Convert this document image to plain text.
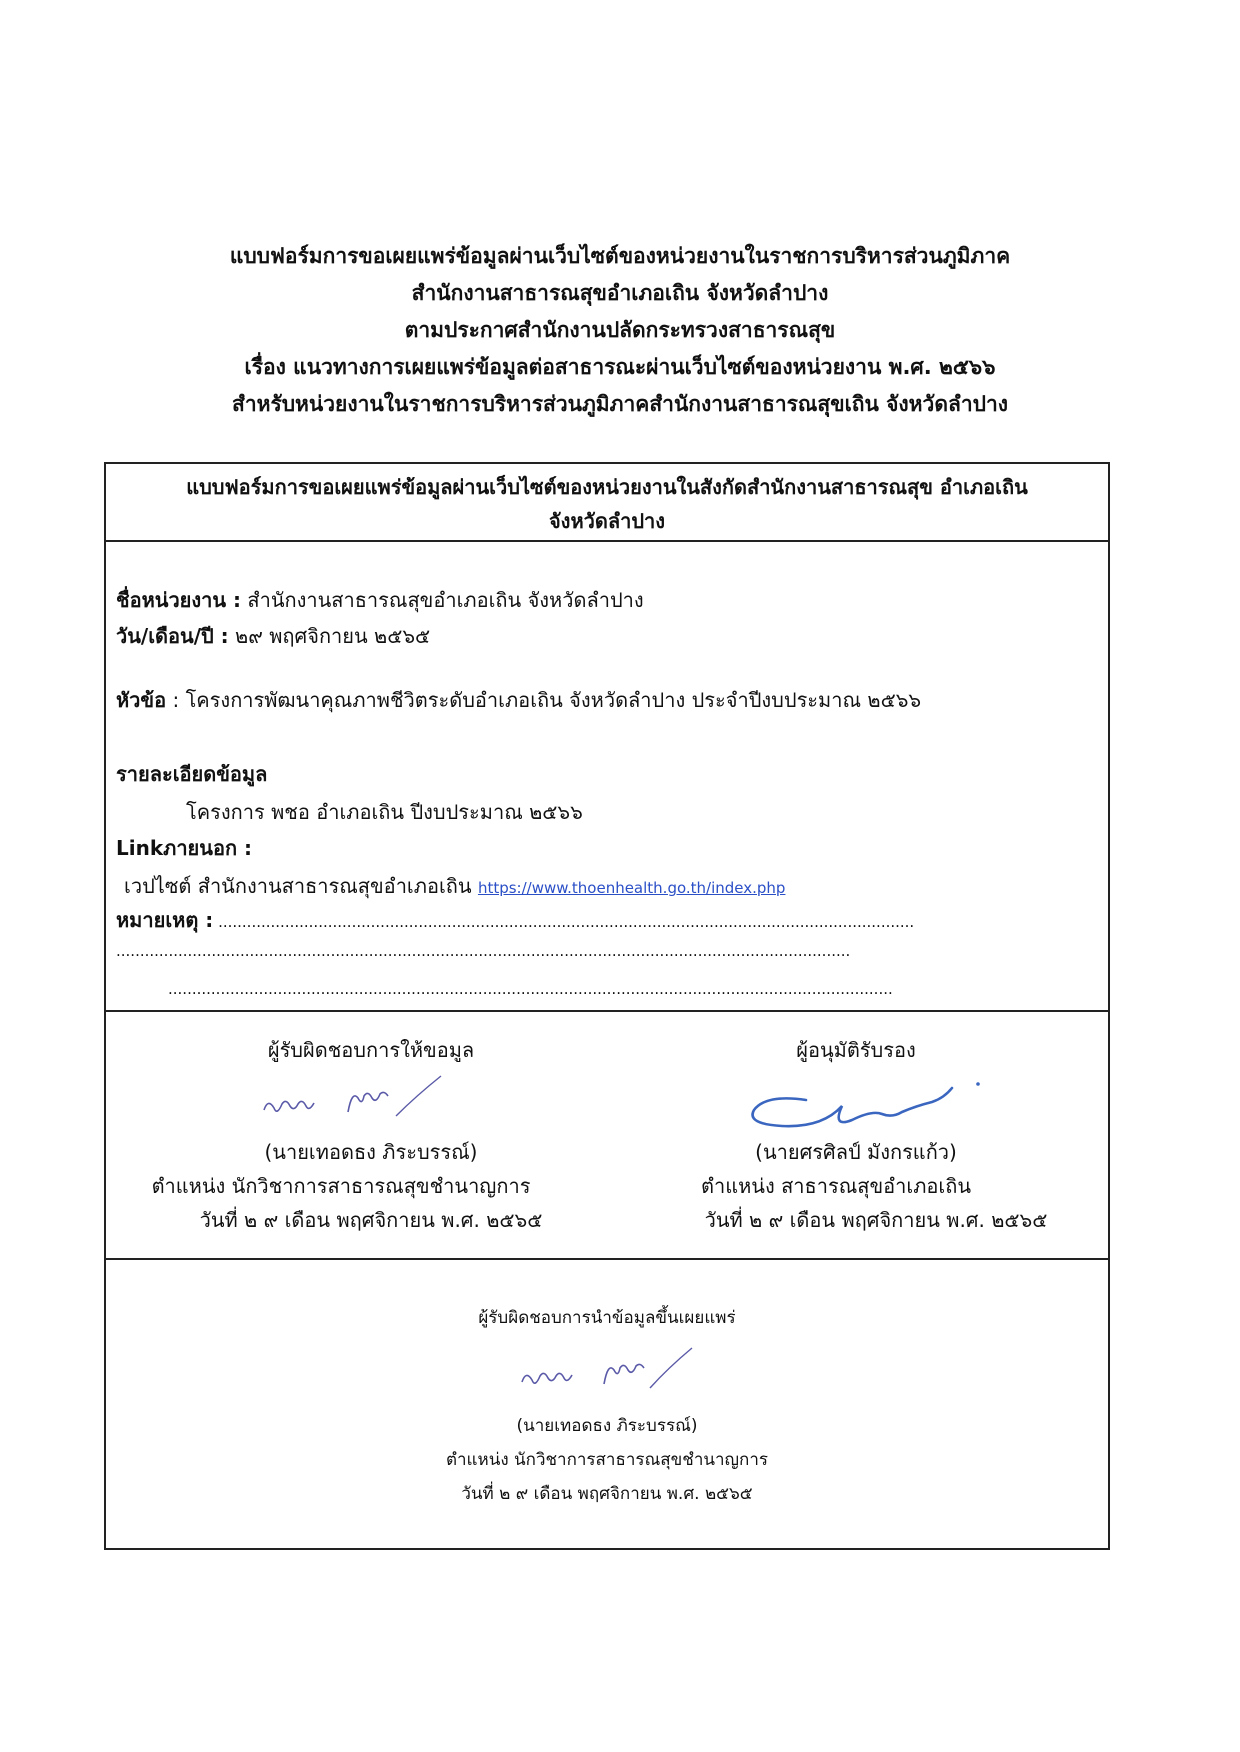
แบบฟอร์มการขอเผยแพร่ข้อมูลผ่านเว็บไซต์ของหน่วยงานในราชการบริหารส่วนภูมิภาค
สำนักงานสาธารณสุขอำเภอเถิน จังหวัดลำปาง
ตามประกาศสำนักงานปลัดกระทรวงสาธารณสุข
เรื่อง แนวทางการเผยแพร่ข้อมูลต่อสาธารณะผ่านเว็บไซต์ของหน่วยงาน พ.ศ. ๒๕๖๖
สำหรับหน่วยงานในราชการบริหารส่วนภูมิภาคสำนักงานสาธารณสุขเถิน จังหวัดลำปาง
แบบฟอร์มการขอเผยแพร่ข้อมูลผ่านเว็บไซต์ของหน่วยงานในสังกัดสำนักงานสาธารณสุข อำเภอเถิน
จังหวัดลำปาง
ชื่อหน่วยงาน : สำนักงานสาธารณสุขอำเภอเถิน จังหวัดลำปาง
วัน/เดือน/ปี : ๒๙ พฤศจิกายน ๒๕๖๕
หัวข้อ : โครงการพัฒนาคุณภาพชีวิตระดับอำเภอเถิน จังหวัดลำปาง ประจำปีงบประมาณ ๒๕๖๖
รายละเอียดข้อมูล
โครงการ พชอ อำเภอเถิน ปีงบประมาณ ๒๕๖๖
Linkภายนอก :
เวปไซต์ สำนักงานสาธารณสุขอำเภอเถิน https://www.thoenhealth.go.th/index.php
หมายเหตุ : ..................................................................................................................................................
..........................................................................................................................................................
........................................................................................................................................................
ผู้รับผิดชอบการให้ขอมูล
(นายเทอดธง ภิระบรรณ์)
ตำแหน่ง นักวิชาการสาธารณสุขชำนาญการ
วันที่ ๒ ๙ เดือน พฤศจิกายน พ.ศ. ๒๕๖๕
ผู้อนุมัติรับรอง
(นายศรศิลป์ มังกรแก้ว)
ตำแหน่ง สาธารณสุขอำเภอเถิน
วันที่ ๒ ๙ เดือน พฤศจิกายน พ.ศ. ๒๕๖๕
ผู้รับผิดชอบการนำข้อมูลขึ้นเผยแพร่
(นายเทอดธง ภิระบรรณ์)
ตำแหน่ง นักวิชาการสาธารณสุขชำนาญการ
วันที่ ๒ ๙ เดือน พฤศจิกายน พ.ศ. ๒๕๖๕
